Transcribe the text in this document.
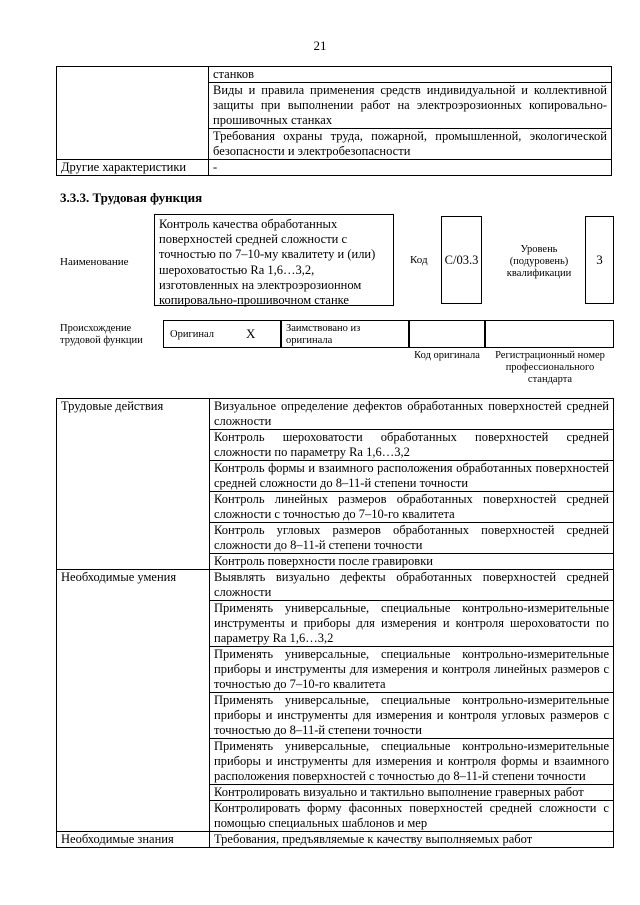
21
	станков
	Виды и правила применения средств индивидуальной и коллективной защиты при выполнении работ на электроэрозионных копировально-прошивочных станках
	Требования охраны труда, пожарной, промышленной, экологической безопасности и электробезопасности
Другие характеристики	-
3.3.3. Трудовая функция
Наименование
Контроль качества обработанных поверхностей средней сложности с точностью по 7–10-му квалитету и (или) шероховатостью Ra 1,6…3,2, изготовленных на электроэрозионном копировально-прошивочном станке
Код C/03.3
Уровень (подуровень) квалификации
3
Происхождение трудовой функции
Оригинал X	Заимствовано из оригинала
Код оригинала	Регистрационный номер профессионального стандарта
Трудовые действия	Визуальное определение дефектов обработанных поверхностей средней сложности
	Контроль шероховатости обработанных поверхностей средней сложности по параметру Ra 1,6…3,2
	Контроль формы и взаимного расположения обработанных поверхностей средней сложности до 8–11-й степени точности
	Контроль линейных размеров обработанных поверхностей средней сложности с точностью до 7–10-го квалитета
	Контроль угловых размеров обработанных поверхностей средней сложности до 8–11-й степени точности
	Контроль поверхности после гравировки
Необходимые умения	Выявлять визуально дефекты обработанных поверхностей средней сложности
	Применять универсальные, специальные контрольно-измерительные инструменты и приборы для измерения и контроля шероховатости по параметру Ra 1,6…3,2
	Применять универсальные, специальные контрольно-измерительные приборы и инструменты для измерения и контроля линейных размеров с точностью до 7–10-го квалитета
	Применять универсальные, специальные контрольно-измерительные приборы и инструменты для измерения и контроля угловых размеров с точностью до 8–11-й степени точности
	Применять универсальные, специальные контрольно-измерительные приборы и инструменты для измерения и контроля формы и взаимного расположения поверхностей с точностью до 8–11-й степени точности
	Контролировать визуально и тактильно выполнение граверных работ
	Контролировать форму фасонных поверхностей средней сложности с помощью специальных шаблонов и мер
Необходимые знания	Требования, предъявляемые к качеству выполняемых работ
